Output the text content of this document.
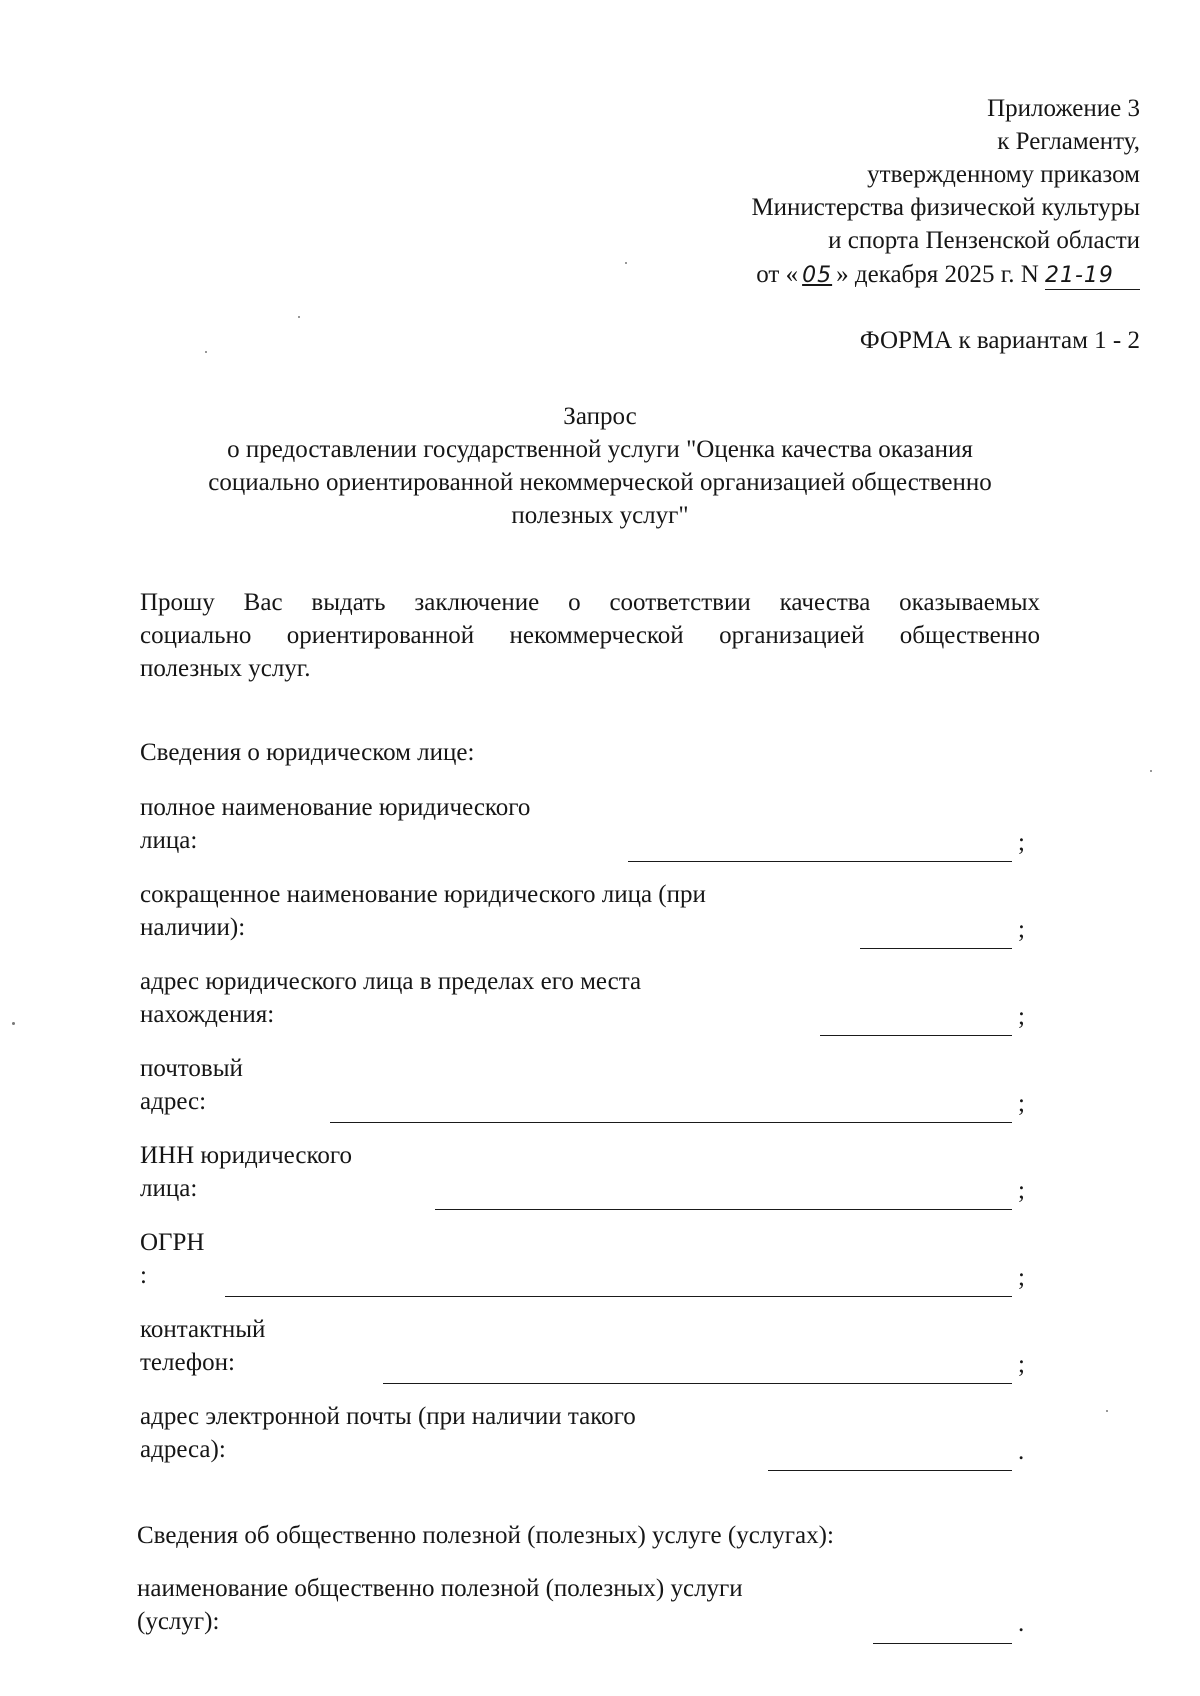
Приложение 3
к Регламенту,
утвержденному приказом
Министерства физической культуры
и спорта Пензенской области
от « 05 » декабря 2025 г. N 21-19
ФОРМА к вариантам 1 - 2
Запрос
о предоставлении государственной услуги "Оценка качества оказания
социально ориентированной некоммерческой организацией общественно
полезных услуг"
Прошу Вас выдать заключение о соответствии качества оказываемых
социально ориентированной некоммерческой организацией общественно
полезных услуг.
Сведения о юридическом лице:
полное наименование юридического
лица:	;
сокращенное наименование юридического лица (при
наличии):	;
адрес юридического лица в пределах его места
нахождения:	;
почтовый
адрес:	;
ИНН юридического
лица:	;
ОГРН
:	;
контактный
телефон:	;
адрес электронной почты (при наличии такого
адреса):	.
Сведения об общественно полезной (полезных) услуге (услугах):
наименование общественно полезной (полезных) услуги
(услуг):	.
